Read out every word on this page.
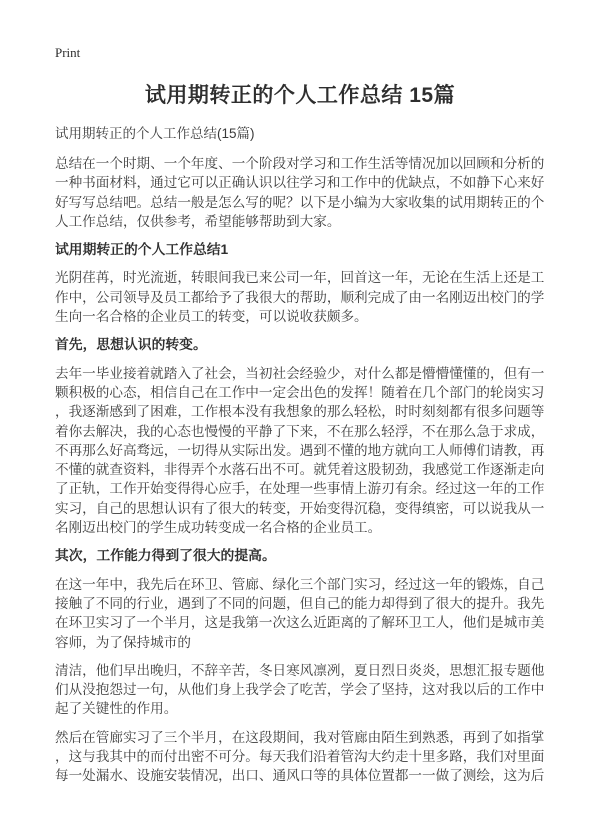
Print
试用期转正的个人工作总结 15篇
试用期转正的个人工作总结(15篇)

总结在一个时期、一个年度、一个阶段对学习和工作生活等情况加以回顾和分析的一种书面材料，通过它可以正确认识以往学习和工作中的优缺点，不如静下心来好好写写总结吧。总结一般是怎么写的呢？以下是小编为大家收集的试用期转正的个人工作总结，仅供参考，希望能够帮助到大家。

试用期转正的个人工作总结1

光阴荏苒，时光流逝，转眼间我已来公司一年，回首这一年，无论在生活上还是工作中，公司领导及员工都给予了我很大的帮助，顺利完成了由一名刚迈出校门的学生向一名合格的企业员工的转变，可以说收获颇多。

首先，思想认识的转变。

去年一毕业接着就踏入了社会，当初社会经验少，对什么都是懵懵懂懂的，但有一颗积极的心态，相信自己在工作中一定会出色的发挥！随着在几个部门的轮岗实习，我逐渐感到了困难，工作根本没有我想象的那么轻松，时时刻刻都有很多问题等着你去解决，我的心态也慢慢的平静了下来，不在那么轻浮，不在那么急于求成，不再那么好高骛远，一切得从实际出发。遇到不懂的地方就向工人师傅们请教，再不懂的就查资料，非得弄个水落石出不可。就凭着这股韧劲，我感觉工作逐渐走向了正轨，工作开始变得得心应手，在处理一些事情上游刃有余。经过这一年的工作实习，自己的思想认识有了很大的转变，开始变得沉稳，变得缜密，可以说我从一名刚迈出校门的学生成功转变成一名合格的企业员工。

其次，工作能力得到了很大的提高。

在这一年中，我先后在环卫、管廊、绿化三个部门实习，经过这一年的锻炼，自己接触了不同的行业，遇到了不同的问题，但自己的能力却得到了很大的提升。我先在环卫实习了一个半月，这是我第一次这么近距离的了解环卫工人，他们是城市美容师，为了保持城市的

清洁，他们早出晚归，不辞辛苦，冬日寒风凛冽，夏日烈日炎炎，思想汇报专题他们从没抱怨过一句，从他们身上我学会了吃苦，学会了坚持，这对我以后的工作中起了关键性的作用。

然后在管廊实习了三个半月，在这段期间，我对管廊由陌生到熟悉，再到了如指掌，这与我其中的而付出密不可分。每天我们沿着管沟大约走十里多路，我们对里面每一处漏水、设施安装情况，出口、通风口等的具体位置都一一做了测绘，这为后
